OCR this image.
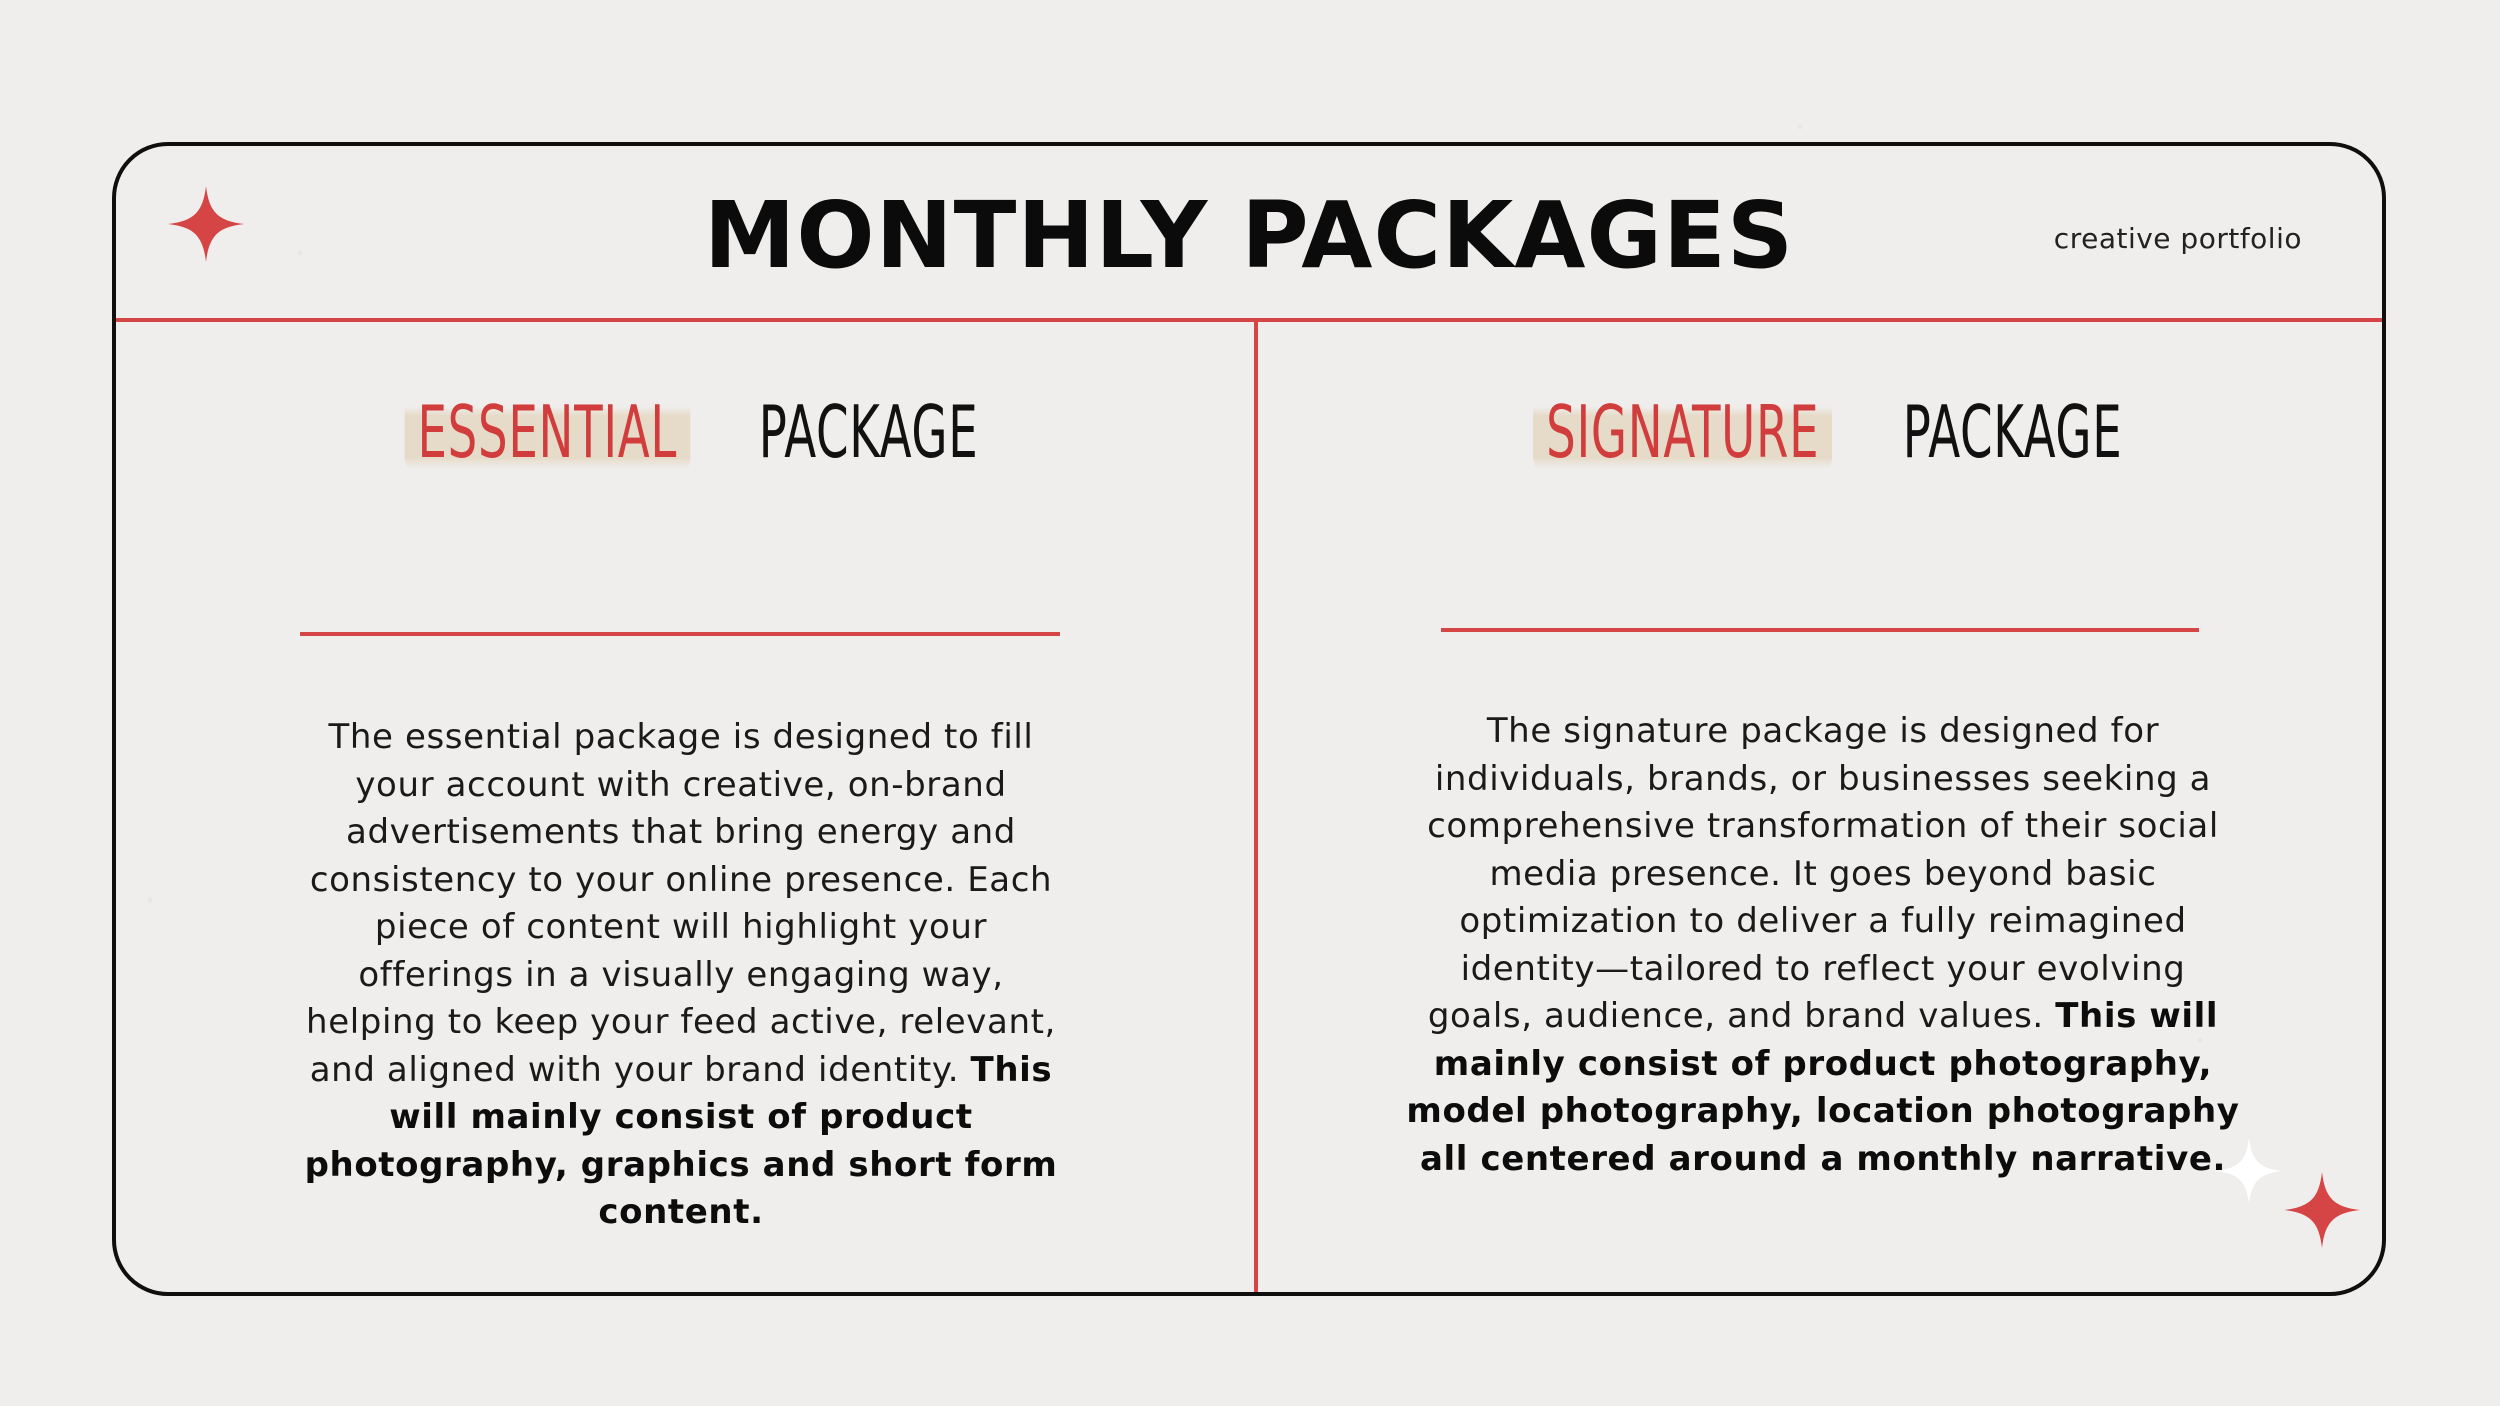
MONTHLY PACKAGES	creative portfolio
ESSENTIAL PACKAGE
The essential package is designed to fill your account with creative, on-brand advertisements that bring energy and consistency to your online presence. Each piece of content will highlight your offerings in a visually engaging way, helping to keep your feed active, relevant, and aligned with your brand identity. This will mainly consist of product photography, graphics and short form content.
SIGNATURE PACKAGE
The signature package is designed for individuals, brands, or businesses seeking a comprehensive transformation of their social media presence. It goes beyond basic optimization to deliver a fully reimagined identity—tailored to reflect your evolving goals, audience, and brand values. This will mainly consist of product photography, model photography, location photography all centered around a monthly narrative.
